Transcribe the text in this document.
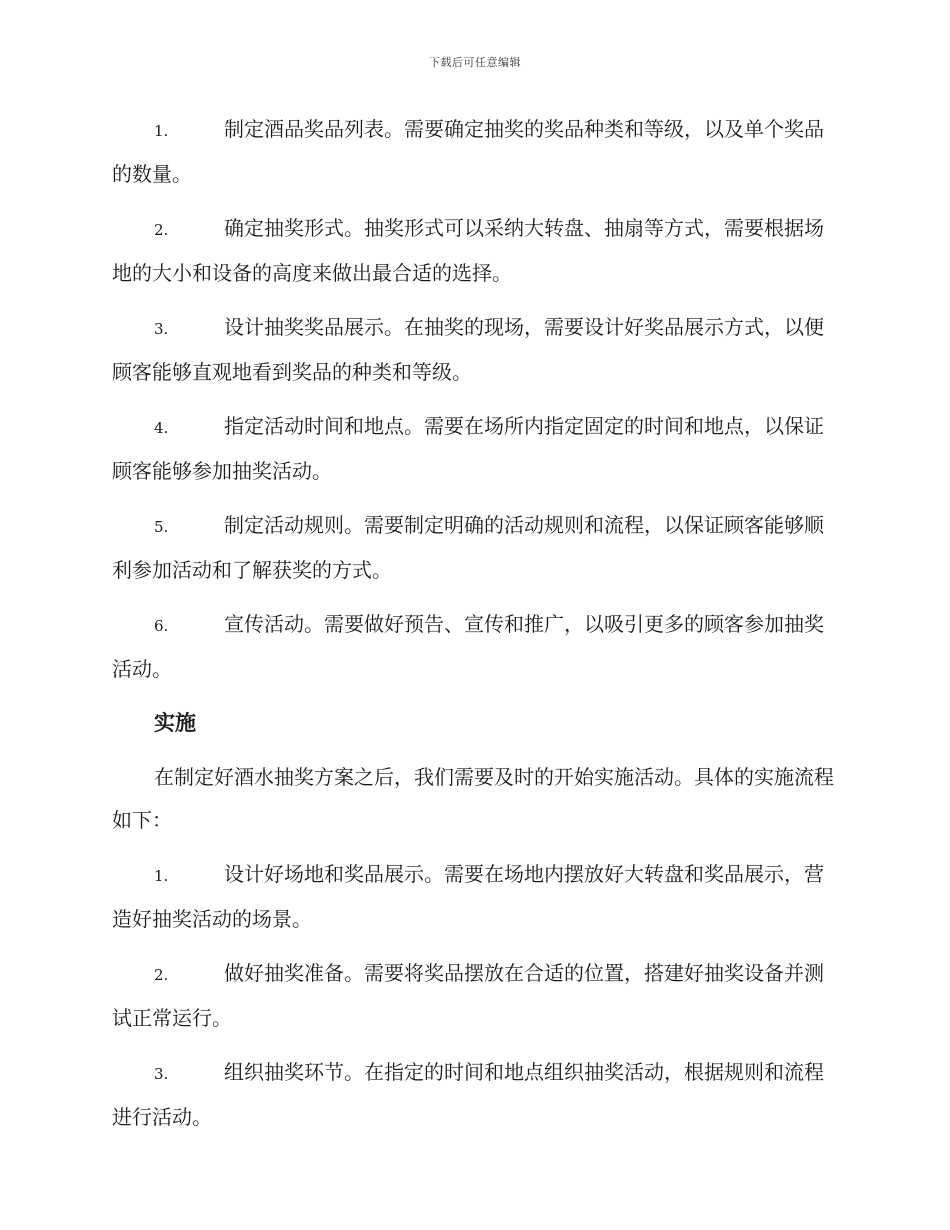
下载后可任意编辑

1.	制定酒品奖品列表。需要确定抽奖的奖品种类和等级，以及单个奖品的数量。

2.	确定抽奖形式。抽奖形式可以采纳大转盘、抽扇等方式，需要根据场地的大小和设备的高度来做出最合适的选择。

3.	设计抽奖奖品展示。在抽奖的现场，需要设计好奖品展示方式，以便顾客能够直观地看到奖品的种类和等级。

4.	指定活动时间和地点。需要在场所内指定固定的时间和地点，以保证顾客能够参加抽奖活动。

5.	制定活动规则。需要制定明确的活动规则和流程，以保证顾客能够顺利参加活动和了解获奖的方式。

6.	宣传活动。需要做好预告、宣传和推广，以吸引更多的顾客参加抽奖活动。

实施

在制定好酒水抽奖方案之后，我们需要及时的开始实施活动。具体的实施流程如下：

1.	设计好场地和奖品展示。需要在场地内摆放好大转盘和奖品展示，营造好抽奖活动的场景。

2.	做好抽奖准备。需要将奖品摆放在合适的位置，搭建好抽奖设备并测试正常运行。

3.	组织抽奖环节。在指定的时间和地点组织抽奖活动，根据规则和流程进行活动。
